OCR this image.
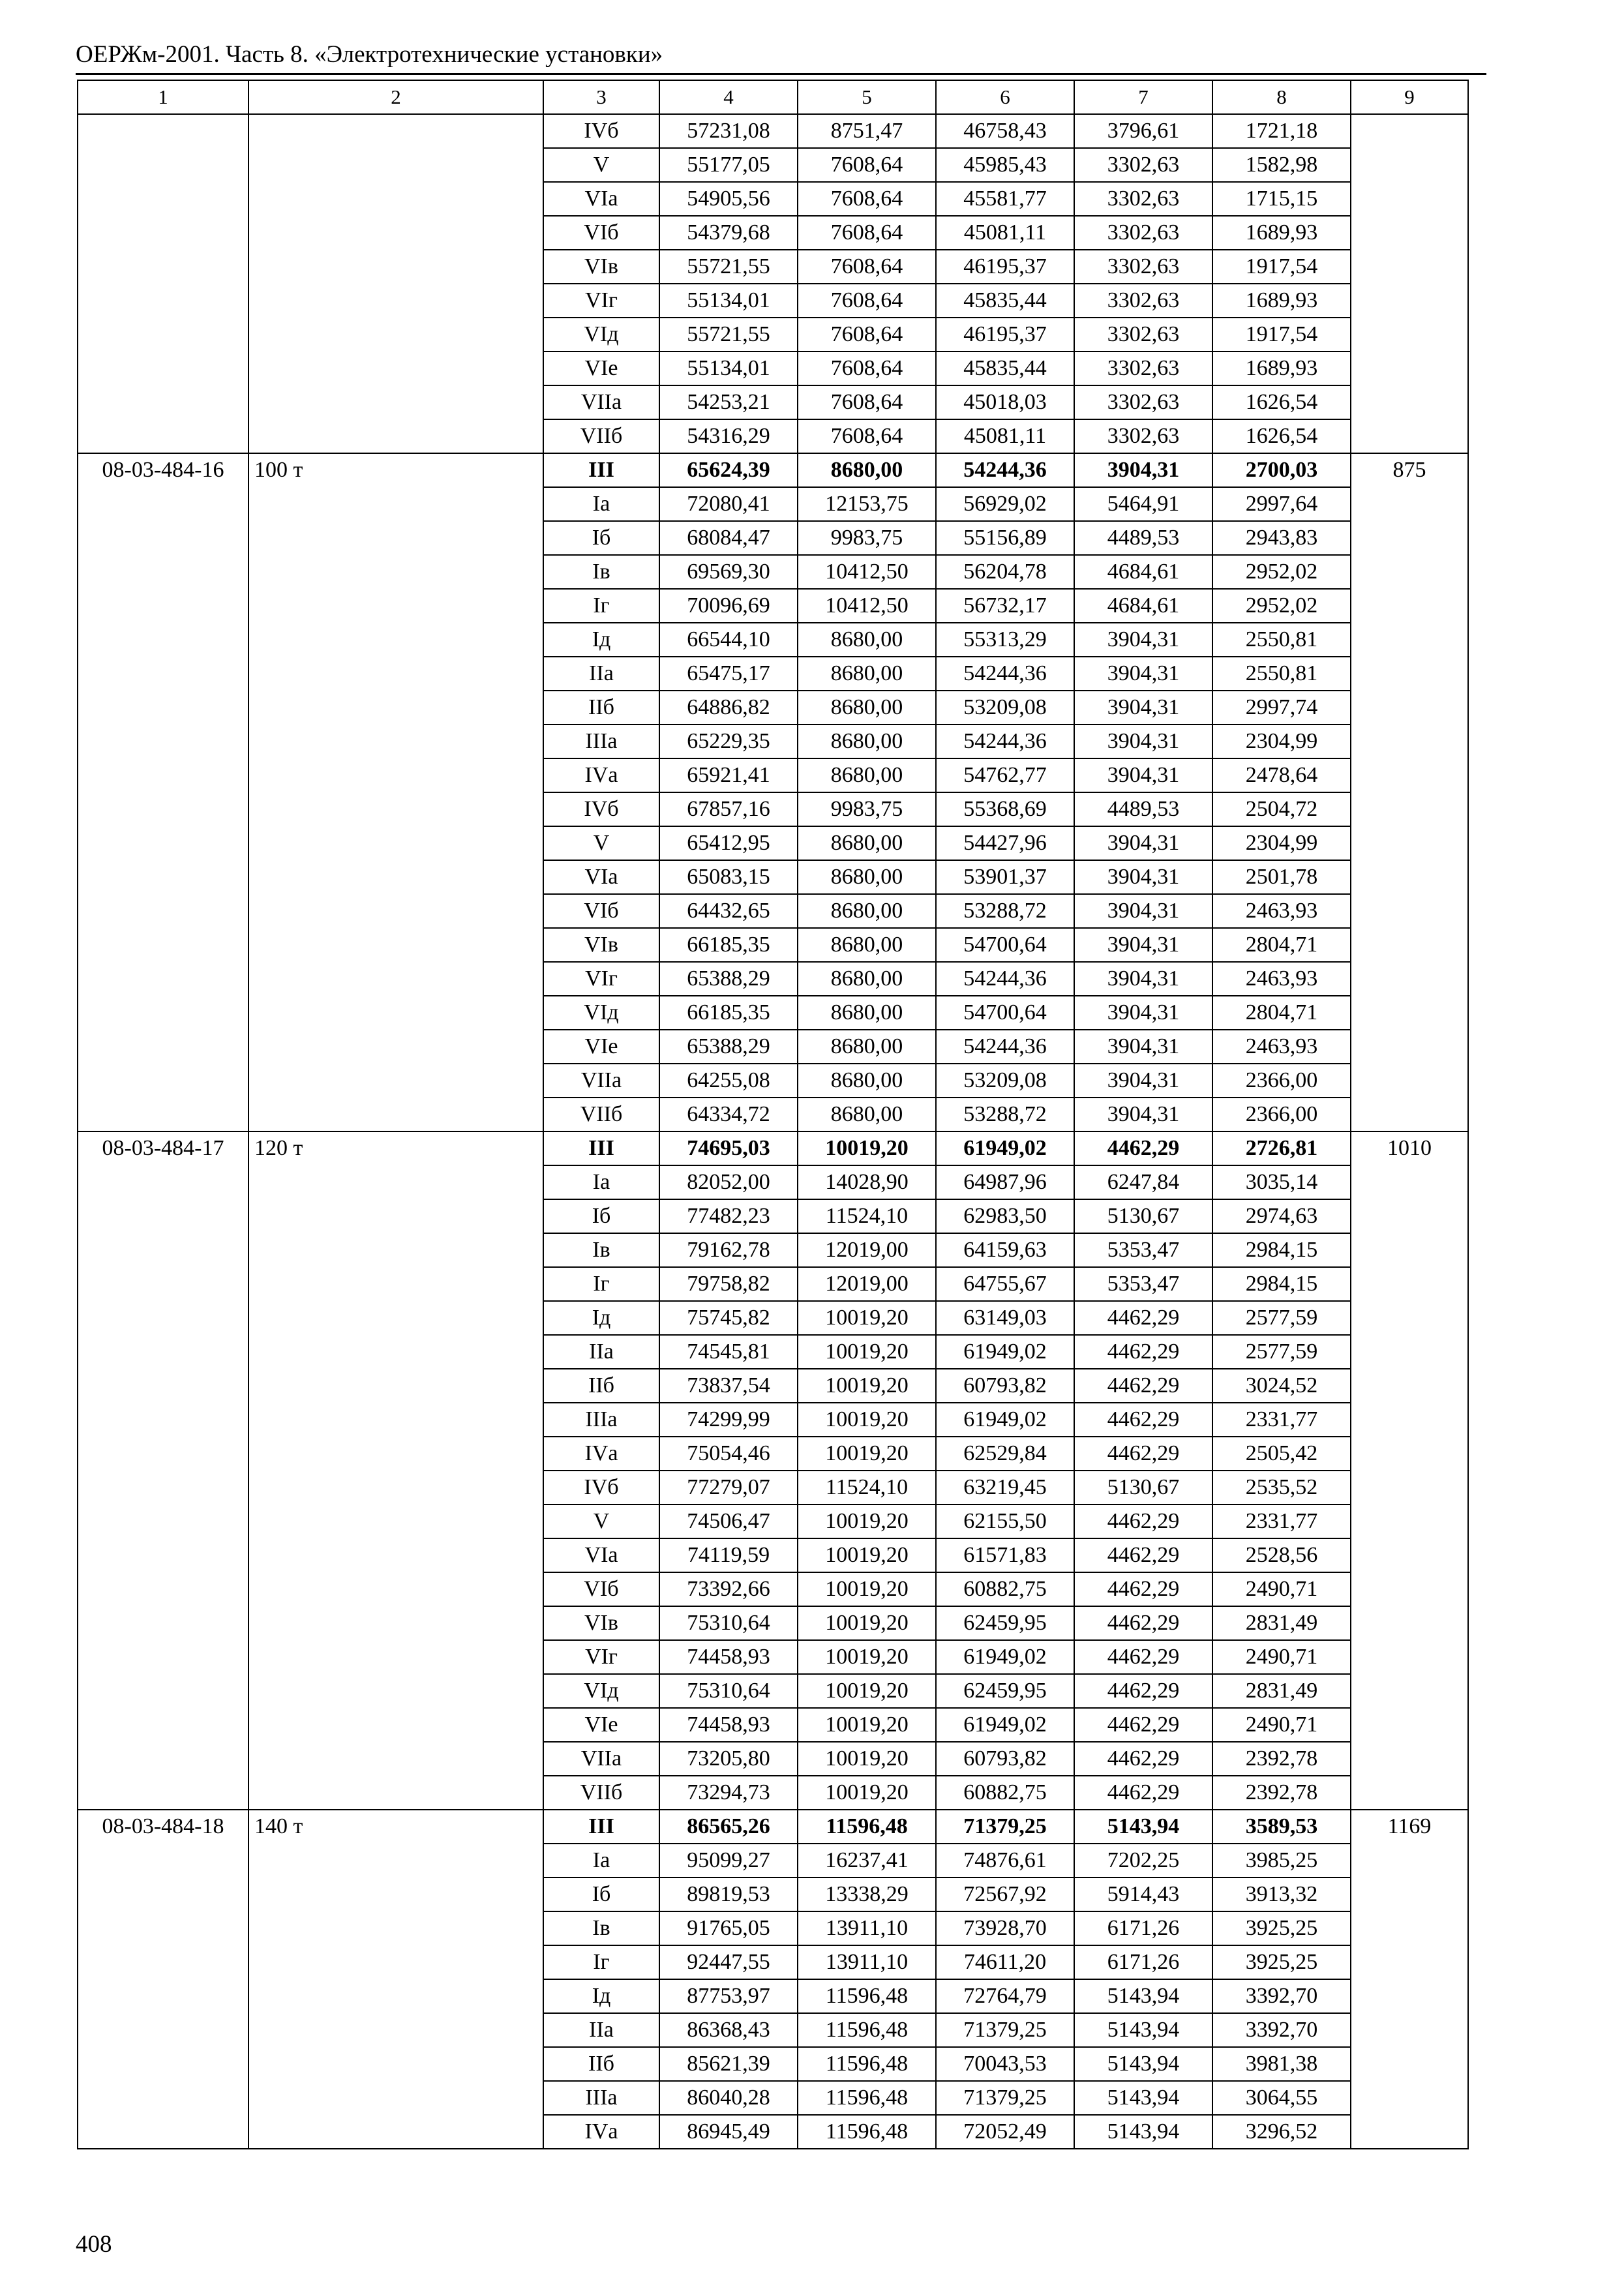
ОЕРЖм-2001. Часть 8. «Электротехнические установки»
1	2	3	4	5	6	7	8	9
		IVб	57231,08	8751,47	46758,43	3796,61	1721,18	
		V	55177,05	7608,64	45985,43	3302,63	1582,98	
		VIа	54905,56	7608,64	45581,77	3302,63	1715,15	
		VIб	54379,68	7608,64	45081,11	3302,63	1689,93	
		VIв	55721,55	7608,64	46195,37	3302,63	1917,54	
		VIг	55134,01	7608,64	45835,44	3302,63	1689,93	
		VIд	55721,55	7608,64	46195,37	3302,63	1917,54	
		VIе	55134,01	7608,64	45835,44	3302,63	1689,93	
		VIIа	54253,21	7608,64	45018,03	3302,63	1626,54	
		VIIб	54316,29	7608,64	45081,11	3302,63	1626,54	
08-03-484-16	100 т	III	65624,39	8680,00	54244,36	3904,31	2700,03	875
		Iа	72080,41	12153,75	56929,02	5464,91	2997,64	
		Iб	68084,47	9983,75	55156,89	4489,53	2943,83	
		Iв	69569,30	10412,50	56204,78	4684,61	2952,02	
		Iг	70096,69	10412,50	56732,17	4684,61	2952,02	
		Iд	66544,10	8680,00	55313,29	3904,31	2550,81	
		IIа	65475,17	8680,00	54244,36	3904,31	2550,81	
		IIб	64886,82	8680,00	53209,08	3904,31	2997,74	
		IIIа	65229,35	8680,00	54244,36	3904,31	2304,99	
		IVа	65921,41	8680,00	54762,77	3904,31	2478,64	
		IVб	67857,16	9983,75	55368,69	4489,53	2504,72	
		V	65412,95	8680,00	54427,96	3904,31	2304,99	
		VIа	65083,15	8680,00	53901,37	3904,31	2501,78	
		VIб	64432,65	8680,00	53288,72	3904,31	2463,93	
		VIв	66185,35	8680,00	54700,64	3904,31	2804,71	
		VIг	65388,29	8680,00	54244,36	3904,31	2463,93	
		VIд	66185,35	8680,00	54700,64	3904,31	2804,71	
		VIе	65388,29	8680,00	54244,36	3904,31	2463,93	
		VIIа	64255,08	8680,00	53209,08	3904,31	2366,00	
		VIIб	64334,72	8680,00	53288,72	3904,31	2366,00	
08-03-484-17	120 т	III	74695,03	10019,20	61949,02	4462,29	2726,81	1010
		Iа	82052,00	14028,90	64987,96	6247,84	3035,14	
		Iб	77482,23	11524,10	62983,50	5130,67	2974,63	
		Iв	79162,78	12019,00	64159,63	5353,47	2984,15	
		Iг	79758,82	12019,00	64755,67	5353,47	2984,15	
		Iд	75745,82	10019,20	63149,03	4462,29	2577,59	
		IIа	74545,81	10019,20	61949,02	4462,29	2577,59	
		IIб	73837,54	10019,20	60793,82	4462,29	3024,52	
		IIIа	74299,99	10019,20	61949,02	4462,29	2331,77	
		IVа	75054,46	10019,20	62529,84	4462,29	2505,42	
		IVб	77279,07	11524,10	63219,45	5130,67	2535,52	
		V	74506,47	10019,20	62155,50	4462,29	2331,77	
		VIа	74119,59	10019,20	61571,83	4462,29	2528,56	
		VIб	73392,66	10019,20	60882,75	4462,29	2490,71	
		VIв	75310,64	10019,20	62459,95	4462,29	2831,49	
		VIг	74458,93	10019,20	61949,02	4462,29	2490,71	
		VIд	75310,64	10019,20	62459,95	4462,29	2831,49	
		VIе	74458,93	10019,20	61949,02	4462,29	2490,71	
		VIIа	73205,80	10019,20	60793,82	4462,29	2392,78	
		VIIб	73294,73	10019,20	60882,75	4462,29	2392,78	
08-03-484-18	140 т	III	86565,26	11596,48	71379,25	5143,94	3589,53	1169
		Iа	95099,27	16237,41	74876,61	7202,25	3985,25	
		Iб	89819,53	13338,29	72567,92	5914,43	3913,32	
		Iв	91765,05	13911,10	73928,70	6171,26	3925,25	
		Iг	92447,55	13911,10	74611,20	6171,26	3925,25	
		Iд	87753,97	11596,48	72764,79	5143,94	3392,70	
		IIа	86368,43	11596,48	71379,25	5143,94	3392,70	
		IIб	85621,39	11596,48	70043,53	5143,94	3981,38	
		IIIа	86040,28	11596,48	71379,25	5143,94	3064,55	
		IVа	86945,49	11596,48	72052,49	5143,94	3296,52	
408
